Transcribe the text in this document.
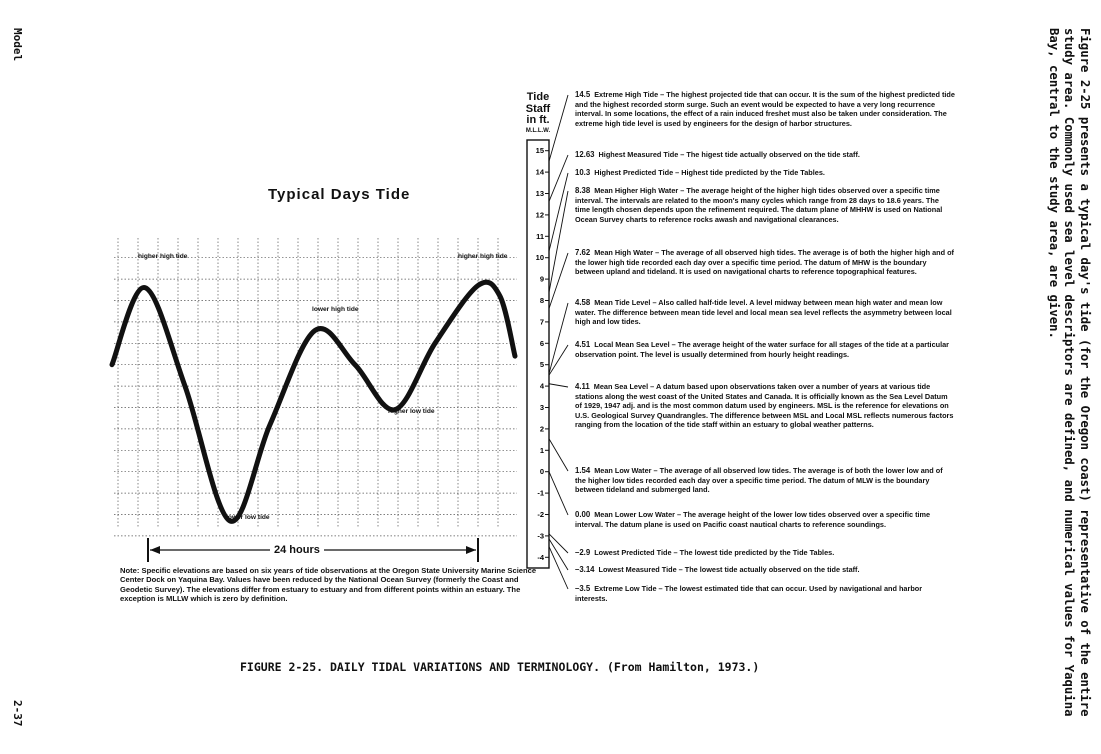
Model
2-37	Figure 2-25 presents a typical day's tide (for the Oregon coast) representative of the entire
study area. Commonly used sea level descriptors are defined, and numerical values for Yaquina
Bay, central to the study area, are given.
Typical Days Tide
15
14
13
12
11
10
9
8
7
6
5
4
3
2
1
0
-1
-2
-3
-4
higher high tide	higher high tide
lower high tide
higher low tide
lower low tide
24 hours
Note: Specific elevations are based on six years of tide observations at the Oregon State University Marine Science Center Dock on Yaquina Bay. Values have been reduced by the National Ocean Survey (formerly the Coast and Geodetic Survey). The elevations differ from estuary to estuary and from different points within an estuary. The exception is MLLW which is zero by definition.
Tide
Staff
in ft.
M.L.L.W.
14.5 Extreme High Tide – The highest projected tide that can occur. It is the sum of the highest predicted tide and the highest recorded storm surge. Such an event would be expected to have a very long recurrence interval. In some locations, the effect of a rain induced freshet must also be taken under consideration. The extreme high tide level is used by engineers for the design of harbor structures.
12.63 Highest Measured Tide – The higest tide actually observed on the tide staff.
10.3 Highest Predicted Tide – Highest tide predicted by the Tide Tables.
8.38 Mean Higher High Water – The average height of the higher high tides observed over a specific time interval. The intervals are related to the moon's many cycles which range from 28 days to 18.6 years. The time length chosen depends upon the refinement required. The datum plane of MHHW is used on National Ocean Survey charts to reference rocks awash and navigational clearances.
7.62 Mean High Water – The average of all observed high tides. The average is of both the higher high and of the lower high tide recorded each day over a specific time period. The datum of MHW is the boundary between upland and tideland. It is used on navigational charts to reference topographical features.
4.58 Mean Tide Level – Also called half-tide level. A level midway between mean high water and mean low water. The difference between mean tide level and local mean sea level reflects the asymmetry between local high and low tides.
4.51 Local Mean Sea Level – The average height of the water surface for all stages of the tide at a particular observation point. The level is usually determined from hourly height readings.
4.11 Mean Sea Level – A datum based upon observations taken over a number of years at various tide stations along the west coast of the United States and Canada. It is officially known as the Sea Level Datum of 1929, 1947 adj. and is the most common datum used by engineers. MSL is the reference for elevations on U.S. Geological Survey Quandrangles. The difference between MSL and Local MSL reflects numerous factors ranging from the location of the tide staff within an estuary to global weather patterns.
1.54 Mean Low Water – The average of all observed low tides. The average is of both the lower low and of the higher low tides recorded each day over a specific time period. The datum of MLW is the boundary between tideland and submerged land.
0.00 Mean Lower Low Water – The average height of the lower low tides observed over a specific time interval. The datum plane is used on Pacific coast nautical charts to reference soundings.
–2.9 Lowest Predicted Tide – The lowest tide predicted by the Tide Tables.
–3.14 Lowest Measured Tide – The lowest tide actually observed on the tide staff.
–3.5 Extreme Low Tide – The lowest estimated tide that can occur. Used by navigational and harbor interests.
FIGURE 2-25. DAILY TIDAL VARIATIONS AND TERMINOLOGY. (From Hamilton, 1973.)
